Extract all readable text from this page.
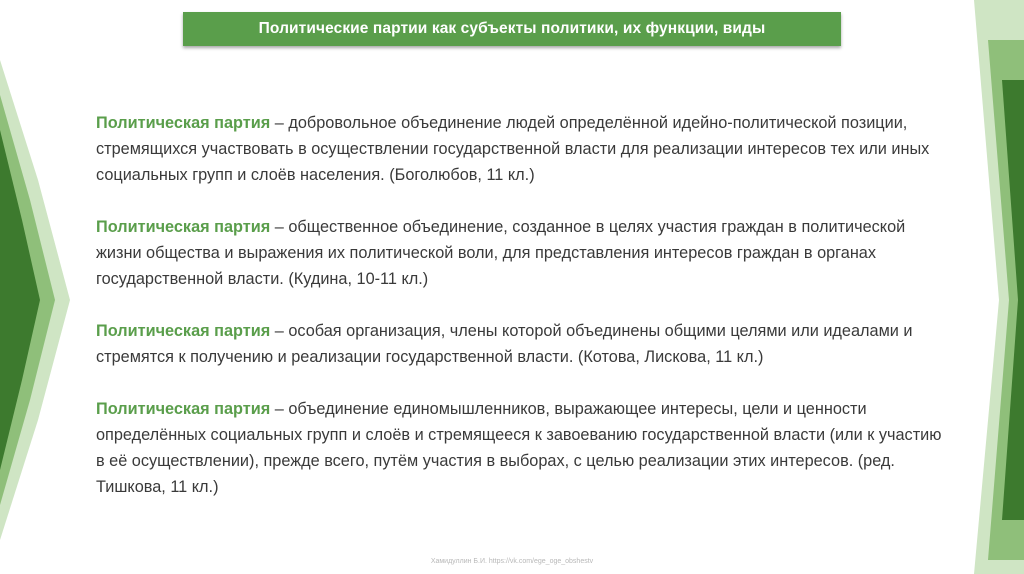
Политические партии как субъекты политики, их функции, виды

Политическая партия – добровольное объединение людей определённой идейно-политической позиции, стремящихся участвовать в осуществлении государственной власти для реализации интересов тех или иных социальных групп и слоёв населения. (Боголюбов, 11 кл.)

Политическая партия – общественное объединение, созданное в целях участия граждан в политической жизни общества и выражения их политической воли, для представления интересов граждан в органах государственной власти. (Кудина, 10-11 кл.)

Политическая партия – особая организация, члены которой объединены общими целями или идеалами и стремятся к получению и реализации государственной власти. (Котова, Лискова, 11 кл.)

Политическая партия – объединение единомышленников, выражающее интересы, цели и ценности определённых социальных групп и слоёв и стремящееся к завоеванию государственной власти (или к участию в её осуществлении), прежде всего, путём участия в выборах, с целью реализации этих интересов. (ред. Тишкова, 11 кл.)

Хамидуллин Б.И. https://vk.com/ege_oge_obshestv
